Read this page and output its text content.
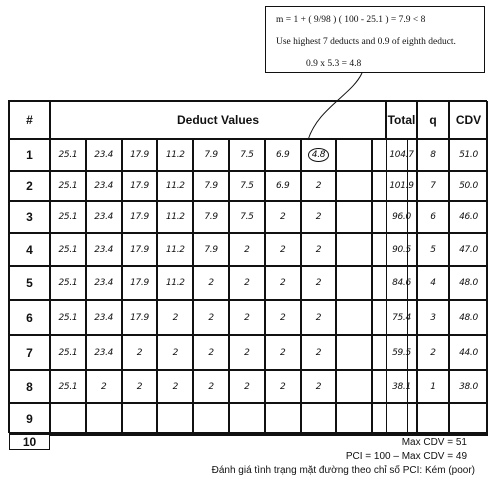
m = 1 + ( 9/98 ) ( 100 - 25.1 ) = 7.9 < 8
Use highest 7 deducts and 0.9 of eighth deduct.
0.9 x 5.3 = 4.8
#	Deduct Values	Total	q	CDV
1	25.1	23.4	17.9	11.2	7.9	7.5	6.9	4.8	104.7	8	51.0
2	25.1	23.4	17.9	11.2	7.9	7.5	6.9	2	101.9	7	50.0
3	25.1	23.4	17.9	11.2	7.9	7.5	2	2	96.0	6	46.0
4	25.1	23.4	17.9	11.2	7.9	2	2	2	90.5	5	47.0
5	25.1	23.4	17.9	11.2	2	2	2	2	84.6	4	48.0
6	25.1	23.4	17.9	2	2	2	2	2	75.4	3	48.0
7	25.1	23.4	2	2	2	2	2	2	59.5	2	44.0
8	25.1	2	2	2	2	2	2	2	38.1	1	38.0
9
10	Max CDV = 51
PCI = 100 – Max CDV = 49
Đánh giá tình trạng mặt đường theo chỉ số PCI: Kém (poor)
